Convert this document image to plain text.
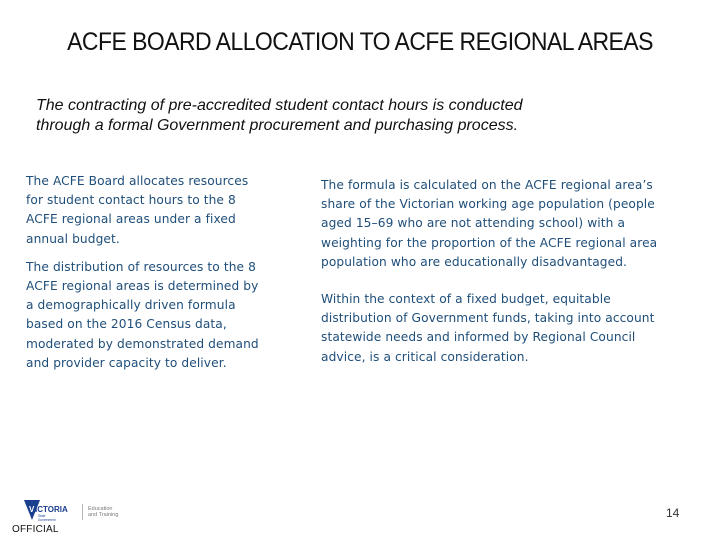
ACFE BOARD ALLOCATION TO ACFE REGIONAL AREAS
The contracting of pre-accredited student contact hours is conducted
through a formal Government procurement and purchasing process.

The ACFE Board allocates resources
for student contact hours to the 8
ACFE regional areas under a fixed
annual budget.

The distribution of resources to the 8
ACFE regional areas is determined by
a demographically driven formula
based on the 2016 Census data,
moderated by demonstrated demand
and provider capacity to deliver.

The formula is calculated on the ACFE regional area’s
share of the Victorian working age population (people
aged 15–69 who are not attending school) with a
weighting for the proportion of the ACFE regional area
population who are educationally disadvantaged.

Within the context of a fixed budget, equitable
distribution of Government funds, taking into account
statewide needs and informed by Regional Council
advice, is a critical consideration.

V ICTORIA
State
Government
Education
and Training
OFFICIAL
14
